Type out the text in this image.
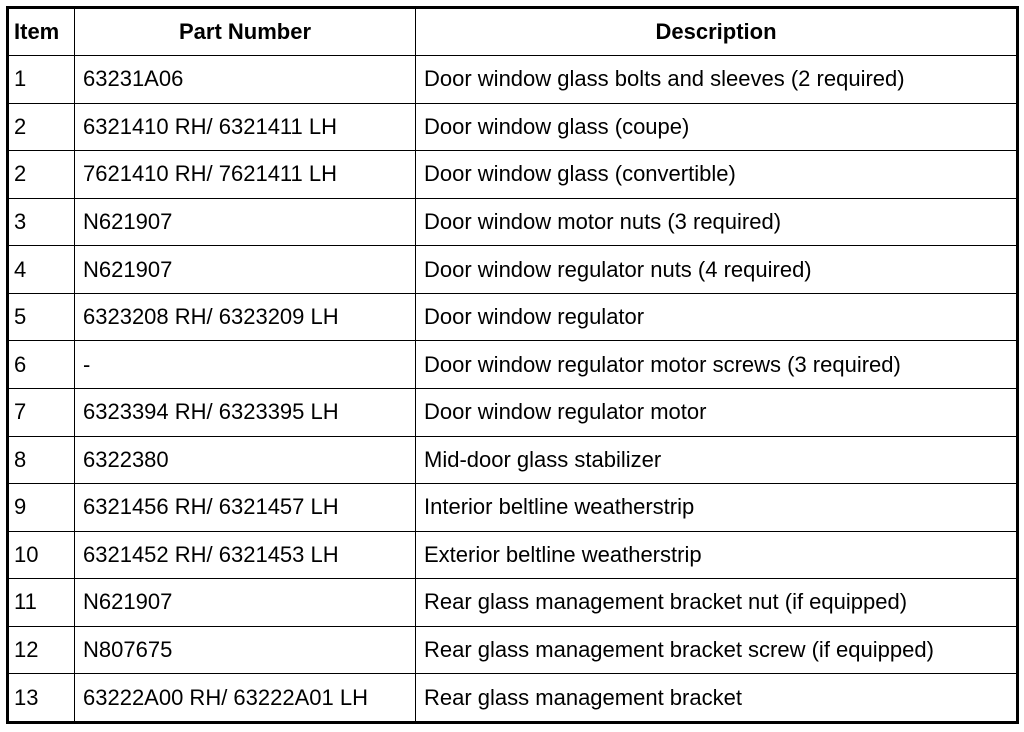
Item	Part Number	Description
1	63231A06	Door window glass bolts and sleeves (2 required)
2	6321410 RH/ 6321411 LH	Door window glass (coupe)
2	7621410 RH/ 7621411 LH	Door window glass (convertible)
3	N621907	Door window motor nuts (3 required)
4	N621907	Door window regulator nuts (4 required)
5	6323208 RH/ 6323209 LH	Door window regulator
6	-	Door window regulator motor screws (3 required)
7	6323394 RH/ 6323395 LH	Door window regulator motor
8	6322380	Mid-door glass stabilizer
9	6321456 RH/ 6321457 LH	Interior beltline weatherstrip
10	6321452 RH/ 6321453 LH	Exterior beltline weatherstrip
11	N621907	Rear glass management bracket nut (if equipped)
12	N807675	Rear glass management bracket screw (if equipped)
13	63222A00 RH/ 63222A01 LH	Rear glass management bracket
